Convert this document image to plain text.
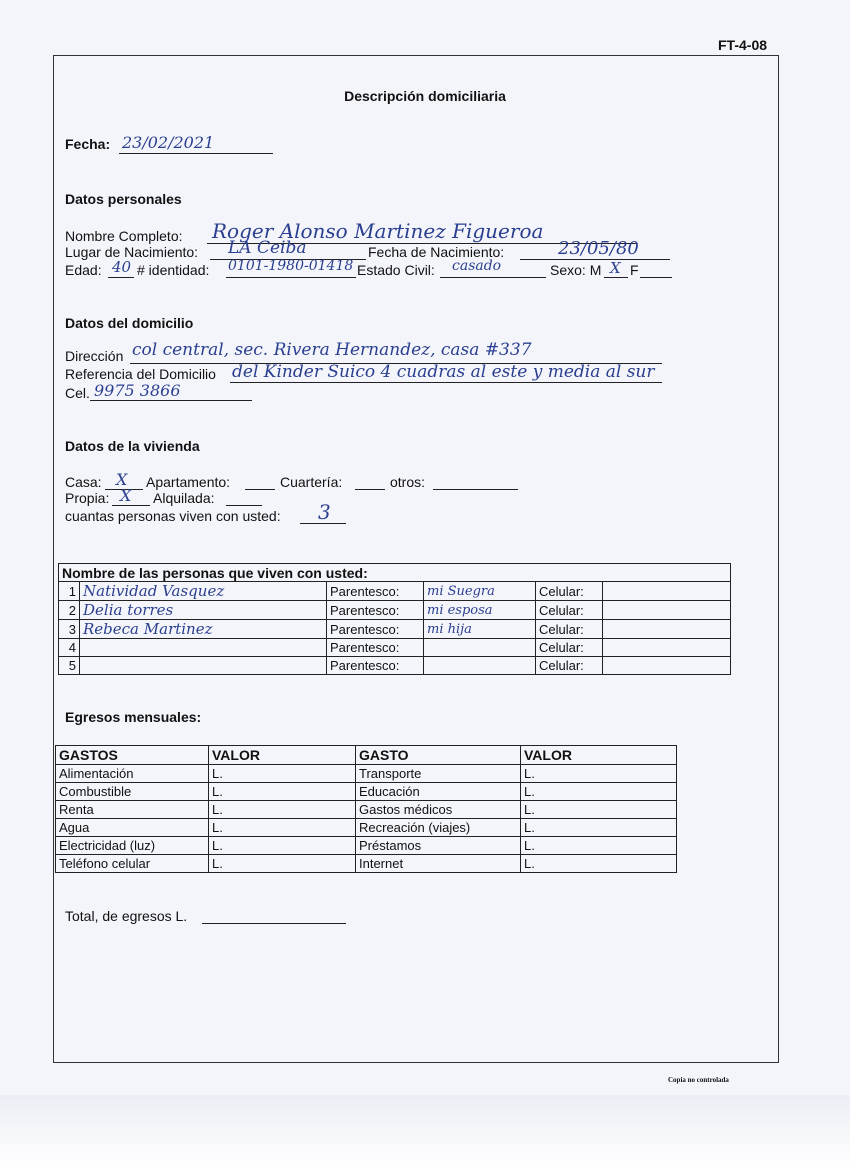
FT-4-08
Descripción domiciliaria
Fecha: 23/02/2021
Datos personales
Nombre Completo: Roger Alonso Martinez Figueroa
Lugar de Nacimiento: LA Ceiba	Fecha de Nacimiento:	23/05/80
Edad: 40 # identidad: 0101-1980-01418 Estado Civil: casado	Sexo: M X F
Datos del domicilio
Dirección col central, sec. Rivera Hernandez, casa #337
Referencia del Domicilio del Kinder Suico 4 cuadras al este y media al sur
Cel. 9975 3866
Datos de la vivienda
Casa: X Apartamento:	Cuartería:	otros:
Propia: X Alquilada:
cuantas personas viven con usted: 3
Nombre de las personas que viven con usted:					
1	Natividad Vasquez	Parentesco:	mi Suegra	Celular:	
2	Delia torres	Parentesco:	mi esposa	Celular:	
3	Rebeca Martinez	Parentesco:	mi hija	Celular:	
4		Parentesco:		Celular:	
5		Parentesco:		Celular:	
Egresos mensuales:
GASTOS	VALOR	GASTO	VALOR
Alimentación	L.	Transporte	L.
Combustible	L.	Educación	L.
Renta	L.	Gastos médicos	L.
Agua	L.	Recreación (viajes)	L.
Electricidad (luz)	L.	Préstamos	L.
Teléfono celular	L.	Internet	L.
Total, de egresos L.
Copia no controlada
